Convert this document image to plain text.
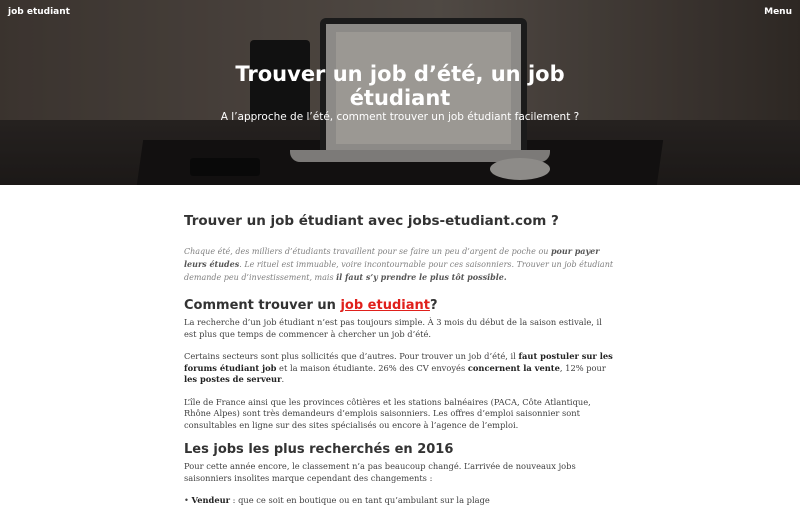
Trouver un job d’été, un job étudiant

A l’approche de l’été, comment trouver un job étudiant facilement ?

job etudiant	Menu
Trouver un job étudiant avec jobs-etudiant.com ?

Chaque été, des milliers d’étudiants travaillent pour se faire un peu d’argent de poche ou pour payer leurs études. Le rituel est immuable, voire incontournable pour ces saisonniers. Trouver un job étudiant demande peu d’investissement, mais il faut s’y prendre le plus tôt possible.

Comment trouver un job etudiant?

La recherche d’un job étudiant n’est pas toujours simple. À 3 mois du début de la saison estivale, il est plus que temps de commencer à chercher un job d’été.

Certains secteurs sont plus sollicités que d’autres. Pour trouver un job d’été, il faut postuler sur les forums étudiant job et la maison étudiante. 26% des CV envoyés concernent la vente, 12% pour les postes de serveur.

L’île de France ainsi que les provinces côtières et les stations balnéaires (PACA, Côte Atlantique, Rhône Alpes) sont très demandeurs d’emplois saisonniers. Les offres d’emploi saisonnier sont consultables en ligne sur des sites spécialisés ou encore à l’agence de l’emploi.

Les jobs les plus recherchés en 2016

Pour cette année encore, le classement n’a pas beaucoup changé. L’arrivée de nouveaux jobs saisonniers insolites marque cependant des changements :

• Vendeur : que ce soit en boutique ou en tant qu’ambulant sur la plage
